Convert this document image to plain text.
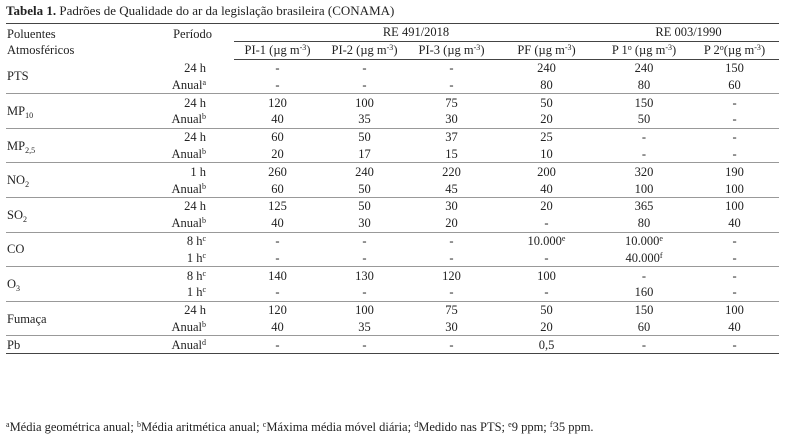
Tabela 1. Padrões de Qualidade do ar da legislação brasileira (CONAMA)
Poluentes
Atmosféricos	Período	RE 491/2018				RE 003/1990	
		PI-1 (µg $m^{-3}$)	PI-2 (µg $m^{-3}$)	PI-3 (µg $m^{-3}$)	PF (µg $m^{-3}$)	P 1$^o$ (µg $m^{-3}$)	P 2$^o$(µg $m^{-3}$)
PTS	24 h	-	-	-	240	240	150
	Anual$^a$	-	-	-	80	80	60
$MP_{10}$	24 h	120	100	75	50	150	-
	Anual$^b$	40	35	30	20	50	-
$MP_{2,5}$	24 h	60	50	37	25	-	-
	Anual$^b$	20	17	15	10	-	-
$NO_2$	1 h	260	240	220	200	320	190
	Anual$^b$	60	50	45	40	100	100
$SO_2$	24 h	125	50	30	20	365	100
	Anual$^b$	40	30	20	-	80	40
CO	8 $h^c$	-	-	-	10.000e	10.000e	-
	1 $h^c$	-	-	-	-	40.000$^f$	-
$O_3$	8 $h^c$	140	130	120	100	-	-
	1 $h^c$	-	-	-	-	160	-
Fumaça	24 h	120	100	75	50	150	100
	Anual$^b$	40	35	30	20	60	40
Pb	Anual$^d$	-	-	-	0,5	-	-
$^a$Média geométrica anual; $^b$Média aritmética anual; $^c$Máxima média móvel diária; $^d$Medido nas PTS; $^e$9 ppm; $^f$35 ppm.
